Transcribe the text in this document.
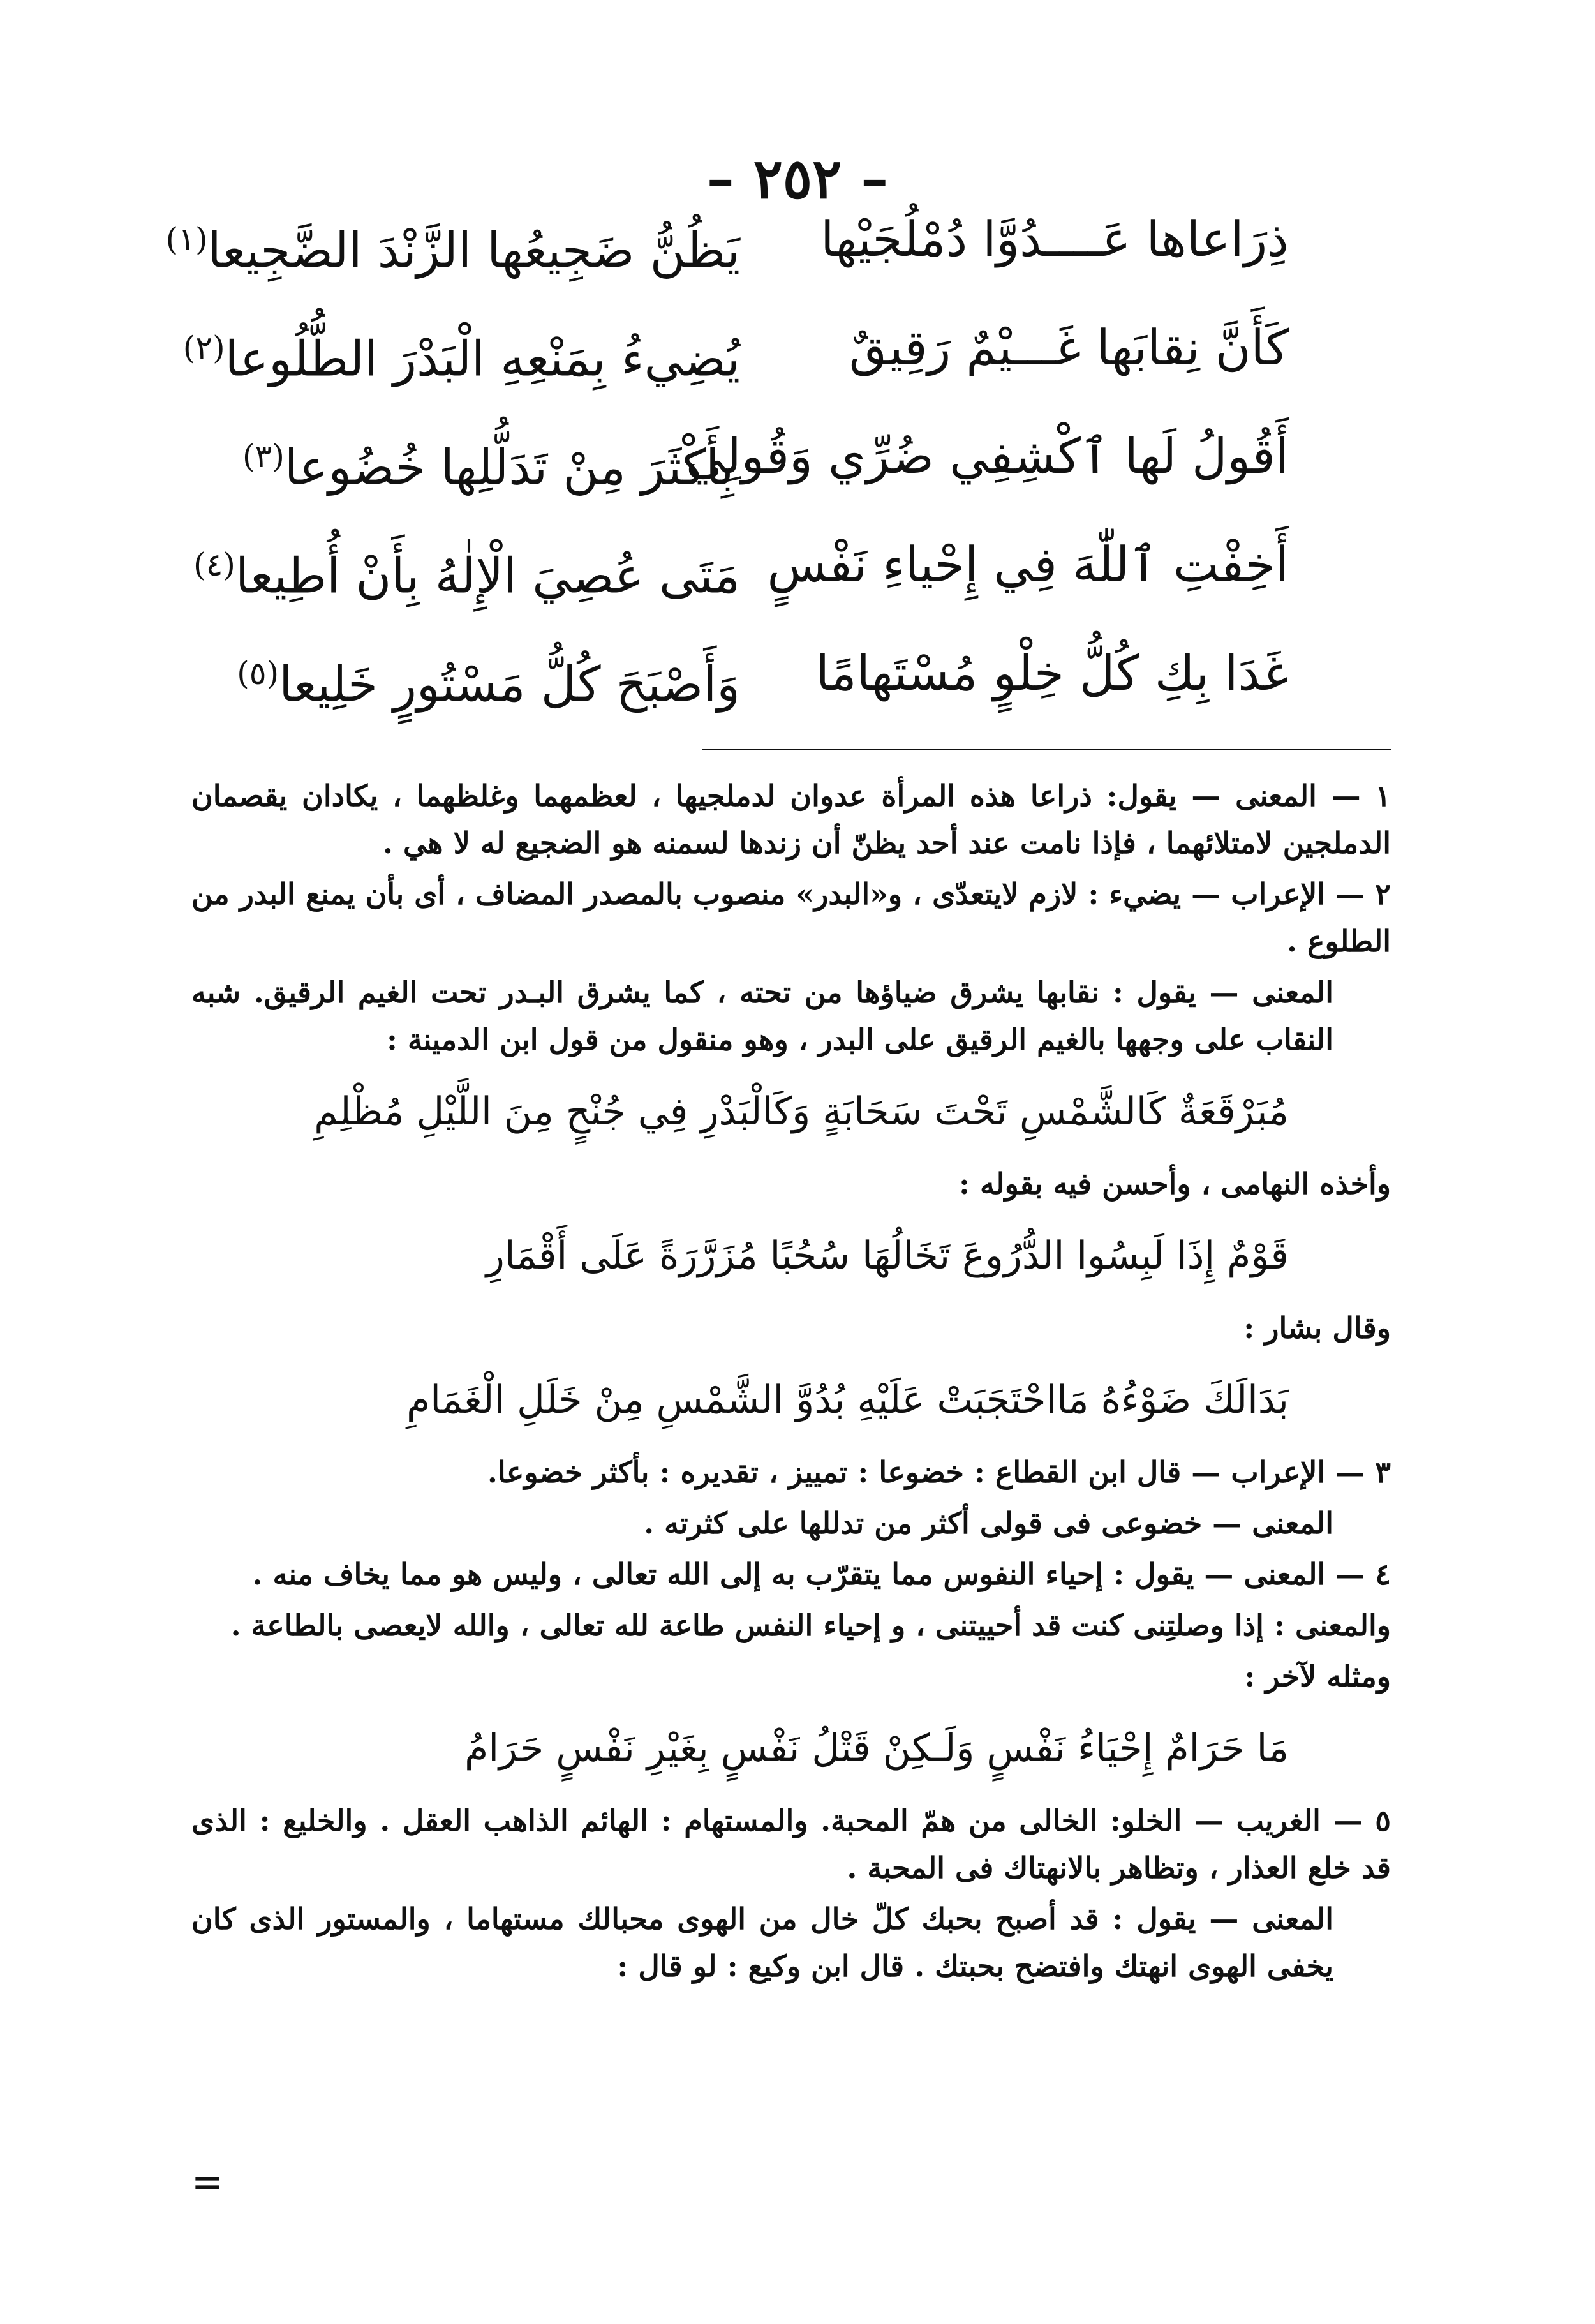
– ٢٥٢ –
ذِرَاعاها عَــــدُوَّا دُمْلُجَيْها
يَظُنُّ ضَجِيعُها الزَّنْدَ الضَّجِيعا$^{(١)}$
كَأَنَّ نِقابَها غَـــيْمٌ رَقِيقٌ
يُضِيءُ بِمَنْعِهِ الْبَدْرَ الطُّلُوعا$^{(٢)}$
أَقُولُ لَها ٱكْشِفِي ضُرِّي وَقُولِي
بِأَكْثَرَ مِنْ تَدَلُّلِها خُضُوعا$^{(٣)}$
أَخِفْتِ ٱللّٰهَ فِي إِحْياءِ نَفْسٍ
مَتَى عُصِيَ الْإِلٰهُ بِأَنْ أُطِيعا$^{(٤)}$
غَدَا بِكِ كُلُّ خِلْوٍ مُسْتَهامًا
وَأَصْبَحَ كُلُّ مَسْتُورٍ خَلِيعا$^{(٥)}$

١ — المعنى — يقول: ذراعا هذه المرأة عدوان لدملجيها ، لعظمهما وغلظهما ، يكادان يقصمان الدملجين لامتلائهما ، فإذا نامت عند أحد يظنّ أن زندها لسمنه هو الضجيع له لا هي .

٢ — الإعراب — يضيء : لازم لايتعدّى ، و«البدر» منصوب بالمصدر المضاف ، أى بأن يمنع البدر من الطلوع .

المعنى — يقول : نقابها يشرق ضياؤها من تحته ، كما يشرق البـدر تحت الغيم الرقيق. شبه النقاب على وجهها بالغيم الرقيق على البدر ، وهو منقول من قول ابن الدمينة :

مُبَرْقَعَةٌ كَالشَّمْسِ تَحْتَ سَحَابَةٍ وَكَالْبَدْرِ فِي جُنْحٍ مِنَ اللَّيْلِ مُظْلِمِ

وأخذه النهامى ، وأحسن فيه بقوله :

قَوْمٌ إِذَا لَبِسُوا الدُّرُوعَ تَخَالُهَا سُحُبًا مُزَرَّرَةً عَلَى أَقْمَارِ

وقال بشار :

بَدَالَكَ ضَوْءُهُ مَااحْتَجَبَتْ عَلَيْهِ بُدُوَّ الشَّمْسِ مِنْ خَلَلِ الْغَمَامِ

٣ — الإعراب — قال ابن القطاع : خضوعا : تمييز ، تقديره : بأكثر خضوعا.

المعنى — خضوعى فى قولى أكثر من تدللها على كثرته .

٤ — المعنى — يقول : إحياء النفوس مما يتقرّب به إلى الله تعالى ، وليس هو مما يخاف منه .

والمعنى : إذا وصلتِنى كنت قد أحييتنى ، و إحياء النفس طاعة لله تعالى ، والله لايعصى بالطاعة .

ومثله لآخر :

مَا حَرَامٌ إِحْيَاءُ نَفْسٍ وَلَـكِنْ قَتْلُ نَفْسٍ بِغَيْرِ نَفْسٍ حَرَامُ

٥ — الغريب — الخلو: الخالى من همّ المحبة. والمستهام : الهائم الذاهب العقل . والخليع : الذى قد خلع العذار ، وتظاهر بالانهتاك فى المحبة .

المعنى — يقول : قد أصبح بحبك كلّ خال من الهوى محبالك مستهاما ، والمستور الذى كان يخفى الهوى انهتك وافتضح بحبتك . قال ابن وكيع : لو قال :

=
